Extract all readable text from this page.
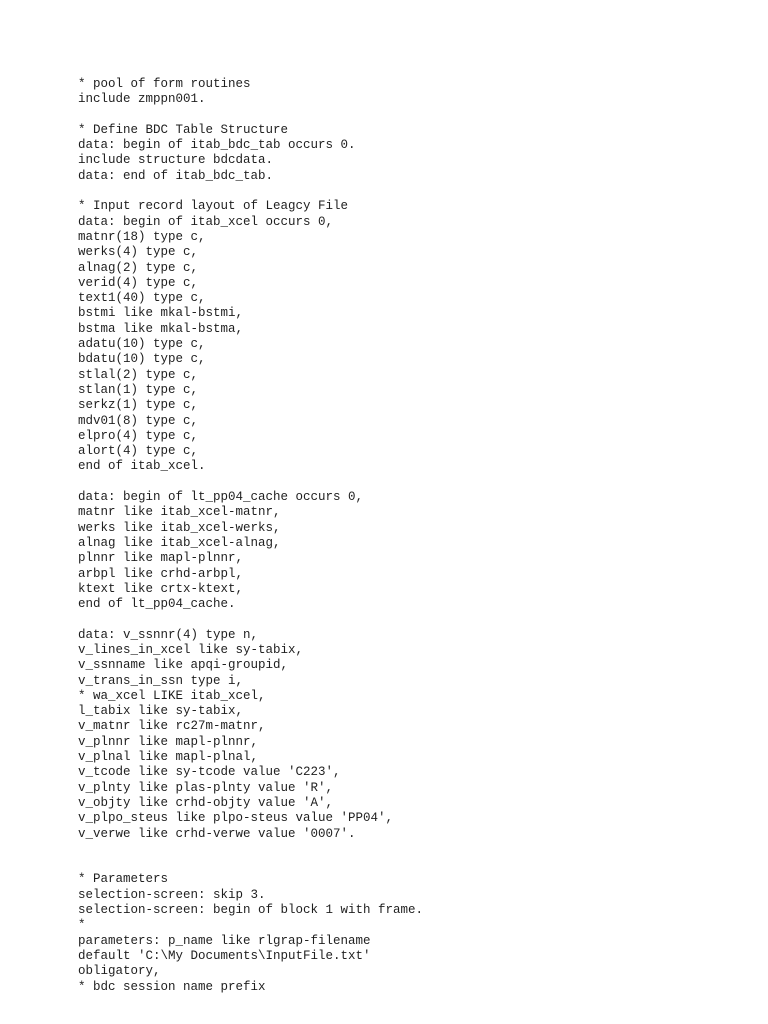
* pool of form routines
include zmppn001.
* Define BDC Table Structure
data: begin of itab_bdc_tab occurs 0.
include structure bdcdata.
data: end of itab_bdc_tab.
* Input record layout of Leagcy File
data: begin of itab_xcel occurs 0,
matnr(18) type c,
werks(4) type c,
alnag(2) type c,
verid(4) type c,
text1(40) type c,
bstmi like mkal-bstmi,
bstma like mkal-bstma,
adatu(10) type c,
bdatu(10) type c,
stlal(2) type c,
stlan(1) type c,
serkz(1) type c,
mdv01(8) type c,
elpro(4) type c,
alort(4) type c,
end of itab_xcel.
data: begin of lt_pp04_cache occurs 0,
matnr like itab_xcel-matnr,
werks like itab_xcel-werks,
alnag like itab_xcel-alnag,
plnnr like mapl-plnnr,
arbpl like crhd-arbpl,
ktext like crtx-ktext,
end of lt_pp04_cache.
data: v_ssnnr(4) type n,
v_lines_in_xcel like sy-tabix,
v_ssnname like apqi-groupid,
v_trans_in_ssn type i,
* wa_xcel LIKE itab_xcel,
l_tabix like sy-tabix,
v_matnr like rc27m-matnr,
v_plnnr like mapl-plnnr,
v_plnal like mapl-plnal,
v_tcode like sy-tcode value 'C223',
v_plnty like plas-plnty value 'R',
v_objty like crhd-objty value 'A',
v_plpo_steus like plpo-steus value 'PP04',
v_verwe like crhd-verwe value '0007'.
* Parameters
selection-screen: skip 3.
selection-screen: begin of block 1 with frame.
*
parameters: p_name like rlgrap-filename
default 'C:\My Documents\InputFile.txt'
obligatory,
* bdc session name prefix
